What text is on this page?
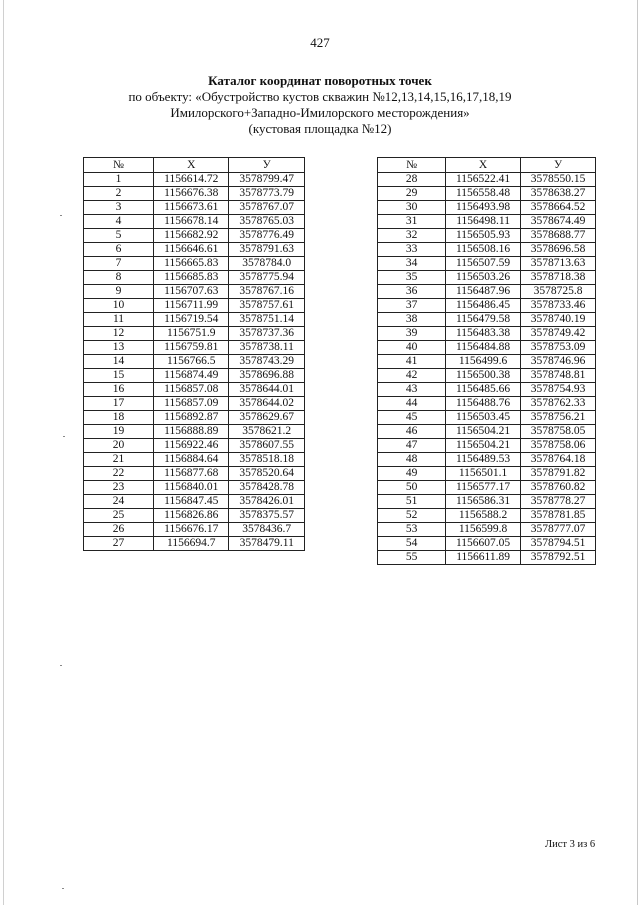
427
Каталог координат поворотных точек
по объекту: «Обустройство кустов скважин №12,13,14,15,16,17,18,19
Имилорского+Западно-Имилорского месторождения»
(кустовая площадка №12)
№	X	У
1	1156614.72	3578799.47
2	1156676.38	3578773.79
3	1156673.61	3578767.07
4	1156678.14	3578765.03
5	1156682.92	3578776.49
6	1156646.61	3578791.63
7	1156665.83	3578784.0
8	1156685.83	3578775.94
9	1156707.63	3578767.16
10	1156711.99	3578757.61
11	1156719.54	3578751.14
12	1156751.9	3578737.36
13	1156759.81	3578738.11
14	1156766.5	3578743.29
15	1156874.49	3578696.88
16	1156857.08	3578644.01
17	1156857.09	3578644.02
18	1156892.87	3578629.67
19	1156888.89	3578621.2
20	1156922.46	3578607.55
21	1156884.64	3578518.18
22	1156877.68	3578520.64
23	1156840.01	3578428.78
24	1156847.45	3578426.01
25	1156826.86	3578375.57
26	1156676.17	3578436.7
27	1156694.7	3578479.11
№	X	У
28	1156522.41	3578550.15
29	1156558.48	3578638.27
30	1156493.98	3578664.52
31	1156498.11	3578674.49
32	1156505.93	3578688.77
33	1156508.16	3578696.58
34	1156507.59	3578713.63
35	1156503.26	3578718.38
36	1156487.96	3578725.8
37	1156486.45	3578733.46
38	1156479.58	3578740.19
39	1156483.38	3578749.42
40	1156484.88	3578753.09
41	1156499.6	3578746.96
42	1156500.38	3578748.81
43	1156485.66	3578754.93
44	1156488.76	3578762.33
45	1156503.45	3578756.21
46	1156504.21	3578758.05
47	1156504.21	3578758.06
48	1156489.53	3578764.18
49	1156501.1	3578791.82
50	1156577.17	3578760.82
51	1156586.31	3578778.27
52	1156588.2	3578781.85
53	1156599.8	3578777.07
54	1156607.05	3578794.51
55	1156611.89	3578792.51
Лист 3 из 6
